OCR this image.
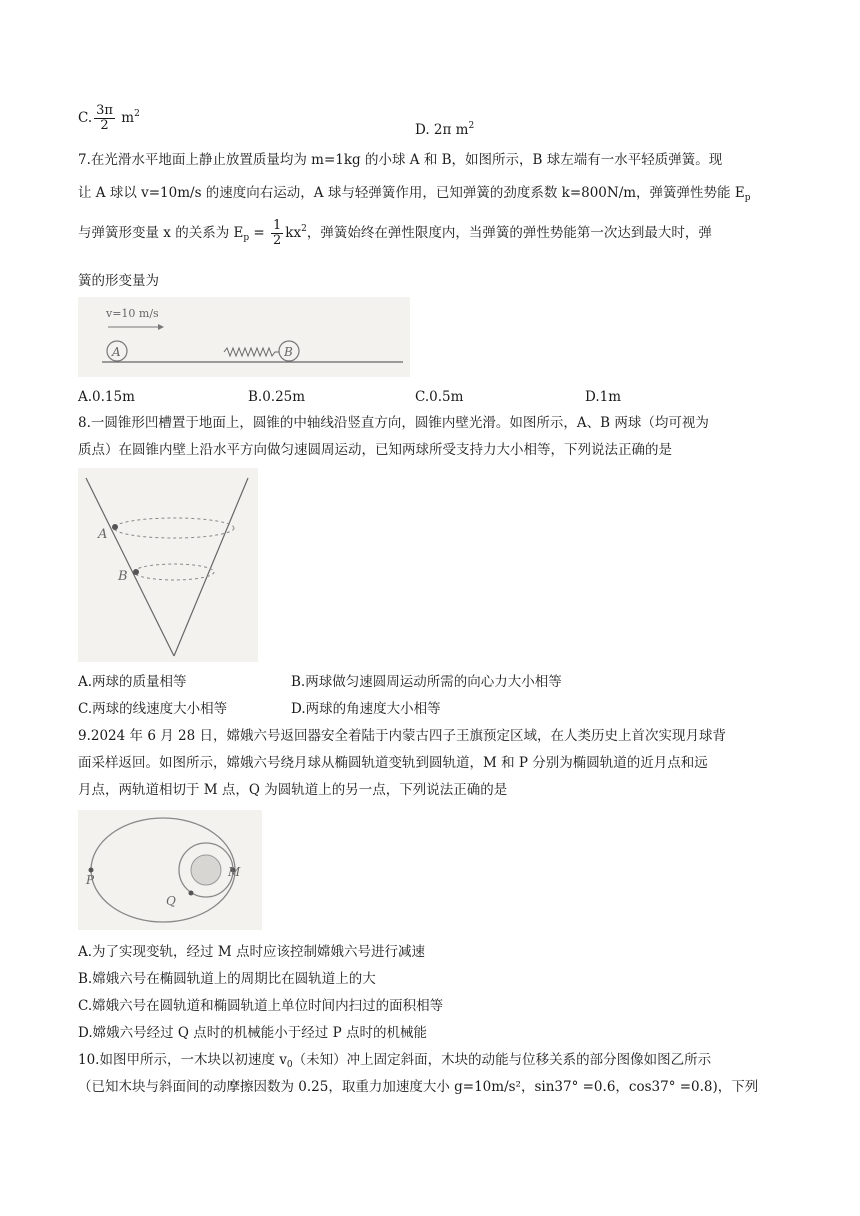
C. $\frac{3\pi}{2} m^2$
D. 2π $m^2$
7.在光滑水平地面上静止放置质量均为 m=1kg 的小球 A 和 B，如图所示，B 球左端有一水平轻质弹簧。现
让 A 球以 v=10m/s 的速度向右运动，A 球与轻弹簧作用，已知弹簧的劲度系数 k=800N/m，弹簧弹性势能 $E_p$
与弹簧形变量 x 的关系为 $E_p = \frac{1}{2} kx^2$，弹簧始终在弹性限度内，当弹簧的弹性势能第一次达到最大时，弹
簧的形变量为
v=10 m/s
A	B
A.0.15m	B.0.25m	C.0.5m	D.1m
8.一圆锥形凹槽置于地面上，圆锥的中轴线沿竖直方向，圆锥内壁光滑。如图所示，A、B 两球（均可视为
质点）在圆锥内壁上沿水平方向做匀速圆周运动，已知两球所受支持力大小相等，下列说法正确的是
A
B
A.两球的质量相等	B.两球做匀速圆周运动所需的向心力大小相等
C.两球的线速度大小相等	D.两球的角速度大小相等
9.2024 年 6 月 28 日，嫦娥六号返回器安全着陆于内蒙古四子王旗预定区域，在人类历史上首次实现月球背
面采样返回。如图所示，嫦娥六号绕月球从椭圆轨道变轨到圆轨道，M 和 P 分别为椭圆轨道的近月点和远
月点，两轨道相切于 M 点，Q 为圆轨道上的另一点，下列说法正确的是
P
M
Q
A.为了实现变轨，经过 M 点时应该控制嫦娥六号进行减速
B.嫦娥六号在椭圆轨道上的周期比在圆轨道上的大
C.嫦娥六号在圆轨道和椭圆轨道上单位时间内扫过的面积相等
D.嫦娥六号经过 Q 点时的机械能小于经过 P 点时的机械能
10.如图甲所示，一木块以初速度 $v_0$（未知）冲上固定斜面，木块的动能与位移关系的部分图像如图乙所示
（已知木块与斜面间的动摩擦因数为 0.25，取重力加速度大小 g=10m/s²，sin37° =0.6，cos37° =0.8)，下列
